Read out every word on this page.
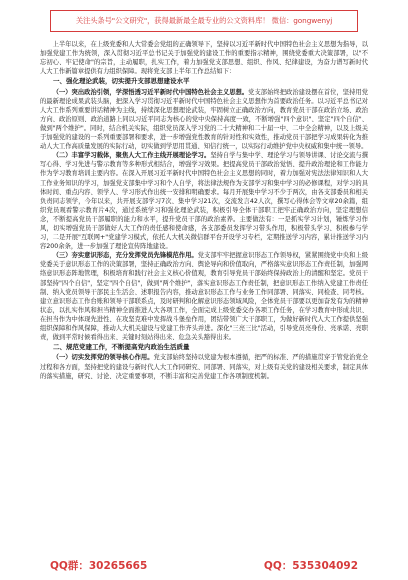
关注头条号"公文研究"，获得最新最全最专业的公文资料库！ 微信：gongwenyj

上半年以来，在上级党委和人大常委会党组的正确领导下，坚持以习近平新时代中国特色社会主义思想为指导，以加强党建工作为统领，深入贯彻习近平总书记关于加强党的建设工作的重要指示精神，围绕党委重大决策部署，以"不忘初心、牢记使命"的宗旨，主动履职，扎实工作，着力加强党支部思想、组织、作风、纪律建设，为奋力谱写新时代人大工作新篇章提供有力组织保障。现将党支部上半年工作总结如下：

一、强化理论武装，切实提升支部思想建设水平

（一）突出政治引领，学深悟透习近平新时代中国特色社会主义思想。党支部始终把政治建设摆在首位，坚持用党的最新理论成果武装头脑，把深入学习贯彻习近平新时代中国特色社会主义思想作为首要政治任务。以习近平总书记对人大工作系列重要讲话精神为主线，持续深化思想理论武装，牢固树立正确政治方向，教育党员干部在政治立场、政治方向、政治原则、政治道路上同以习近平同志为核心的党中央保持高度一致，不断增强"四个意识"、坚定"四个自信"、做到"两个维护"。同时，结合机关实际，组织党员深入学习党的二十大精神和二十届一中、二中全会精神，以及上级关于加强党的建设的一系列重要部署和要求，进一步增强党性教育的针对性和实效性，推动党员干部把学习成果转化为推动人大工作高质量发展的实际行动，切实做到学思用贯通、知信行统一，以实际行动维护党中央权威和集中统一领导。

（二）丰富学习载体，聚焦人大工作主线开展理论学习。坚持自学与集中学、理论学习与领导讲课、讨论交流与撰写心得、学习先进与警示教育等多种形式相结合，增强学习效果。把提高党员干部政治觉悟、提升政治理论和工作能力作为学习教育培训主要内容。在深入开展习近平新时代中国特色社会主义思想的同时，着力加强对宪法法律知识和人大工作业务知识的学习，加强党支部集中学习和个人自学，将法律法规作为支部学习和集中学习的必修课程，对学习的具体时间、重点内容、领学人、学习形式作出统一安排和明确要求。每月开展集中学习不少于两次，由各支部委员和相关负责同志领学，今年以来，共开展支部学习7次、集中学习21次，交流发言42人次，撰写心得体会等文章20余篇，组织党员观看警示教育片4次，通过系统学习和强化理论武装，积极引导全体干部职工把牢正确政治方向，坚定理想信念，不断提高党员干部履职的能力和水平，提升党员干部的政治素养。主要做法有：一是抓实学习计划，锤炼学习作风，切实增强党员干部做好人大工作的责任感和使命感，各支部委员发挥学习带头作用，积极带头学习、积极参与学习，二是开展"互联网+"党建学习模式，依托人大机关微信群平台开设学习专栏，定期推送学习内容，累计推送学习内容200余条，进一步加强了理论宣传阵地建设。

（三）夯实意识形态，充分发挥党员先锋模范作用。党支部牢牢把握意识形态工作领导权，紧紧围绕党中央和上级党委关于意识形态工作的决策部署，坚持正确政治方向、舆论导向和价值取向，严格落实意识形态工作责任制，加强网络意识形态阵地管理，积极培育和践行社会主义核心价值观，教育引导党员干部始终保持政治上的清醒和坚定。党员干部坚持"四个自信"，坚定"四个自信"，做到"两个维护"，落实意识形态工作责任制，把意识形态工作纳入党建工作责任制、纳入党员领导干部民主生活会、述职报告内容，推动意识形态工作与业务工作同部署、同落实、同检查、同考核。建立意识形态工作台账和领导干部联系点，及时研判和化解意识形态领域风险，全体党员干部要以更加奋发有为的精神状态，以扎实作风和担当精神全面推进人大各项工作，全面完成上级党委交办各项工作任务，在学习教育中形成共识、在担当作为中体现先进性、在攻坚克难中发挥战斗堡垒作用，团结带领广大干部职工，为做好新时代人大工作提供坚强组织保障和作风保障，推动人大机关建设与党建工作齐头并进。深化"三亮三比"活动，引导党员亮身份、亮承诺、亮职责，做到平常时候看得出来、关键时刻站得出来、危急关头豁得出来。

二、规范党建工作，不断提高党内政治生活质量

（一）切实发挥党的领导核心作用。党支部始终坚持以党建为根本遵循，把严的标准、严的措施贯穿于管党治党全过程和各方面，坚持把党的建设与新时代人大工作同研究、同部署、同落实，对上级有关党的建设相关要求，制定具体的落实措施，研究、讨论、决定重要事项，不断丰富和完善党建工作各项制度机制。

QQ群：30265665	QQ：535304092
